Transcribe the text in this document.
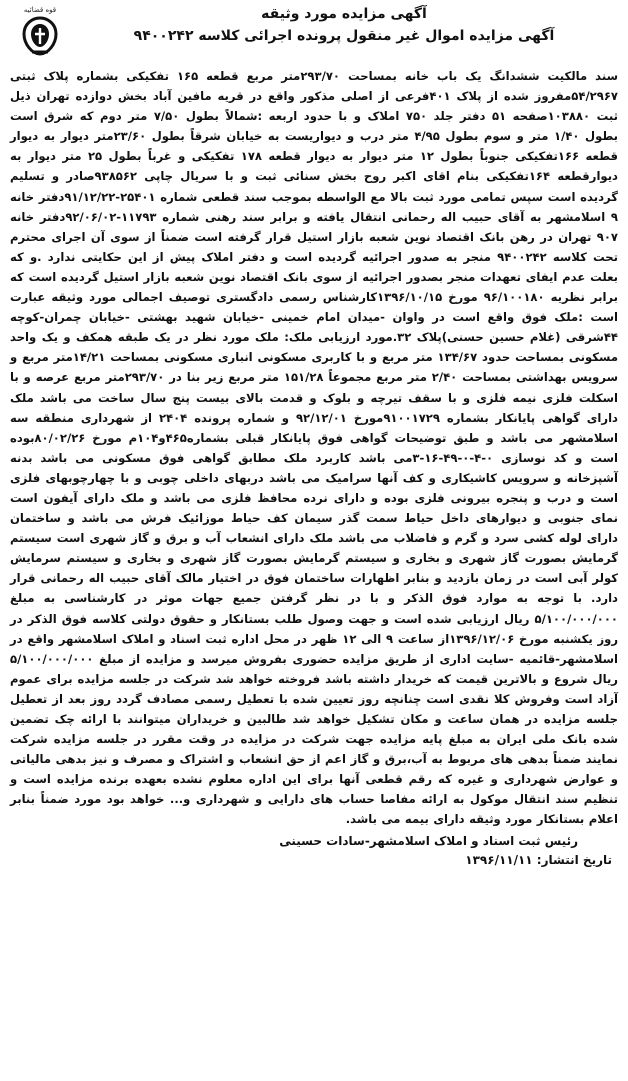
قوه قضائیه	آگهی مزایده مورد وثیقه
آگهی مزایده اموال غیر منقول پرونده اجرائی کلاسه ۹۴۰۰۲۴۲
سند مالکیت ششدانگ یک باب خانه بمساحت ۲۹۳/۷۰متر مربع قطعه ۱۶۵ تفکیکی بشماره پلاک ثبتی ۵۴/۲۹۶۷مفروز شده از پلاک ۴۰۱فرعی از اصلی مذکور واقع در قریه مافین آباد بخش دوازده تهران ذیل ثبت ۱۰۳۸۸۰صفحه ۵۱ دفتر جلد ۷۵۰ املاک و با حدود اربعه :شمالاً بطول ۷/۵۰ متر دوم که شرق است بطول ۱/۴۰ متر و سوم بطول ۴/۹۵ متر درب و دیواریست به خیابان شرقاً بطول ۲۳/۶۰متر دیوار به دیوار قطعه ۱۶۶تفکیکی جنوباً بطول ۱۲ متر دیوار به دیوار قطعه ۱۷۸ تفکیکی و غرباً بطول ۲۵ متر دیوار به دیوارقطعه ۱۶۴تفکیکی بنام اقای اکبر روح بخش سنائی ثبت و با سریال چاپی ۹۳۸۵۶۲صادر و تسلیم گردیده است سپس تمامی مورد ثبت بالا مع الواسطه بموجب سند قطعی شماره ۲۵۴۰۱-۹۱/۱۲/۲۲دفتر خانه ۹ اسلامشهر به آقای حبیب اله رحمانی انتقال یافته و برابر سند رهنی شماره ۱۱۷۹۳-۹۲/۰۶/۰۲دفتر خانه ۹۰۷ تهران در رهن بانک اقتصاد نوین شعبه بازار استیل قرار گرفته است ضمناً از سوی آن اجرای محترم تحت کلاسه ۹۴۰۰۲۴۲ منجر به صدور اجرائیه گردیده است و دفتر املاک پیش از این حکایتی ندارد .و که بعلت عدم ایفای تعهدات منجر بصدور اجرائیه از سوی بانک اقتصاد نوین شعبه بازار استیل گردیده است که برابر نظریه ۹۶/۱۰۰۱۸۰ مورخ ۱۳۹۶/۱۰/۱۵کارشناس رسمی دادگستری توصیف اجمالی مورد وثیقه عبارت است :ملک فوق واقع است در واوان -میدان امام خمینی -خیابان شهید بهشتی -خیابان چمران-کوچه ۴۴شرقی (غلام حسین حسنی)پلاک ۳۲.مورد ارزیابی ملک: ملک مورد نظر در یک طبقه همکف و یک واحد مسکونی بمساحت حدود ۱۳۴/۶۷ متر مربع و با کاربری مسکونی انباری مسکونی بمساحت ۱۴/۲۱متر مربع و سرویس بهداشتی بمساحت ۲/۴۰ متر مربع مجموعاً ۱۵۱/۲۸ متر مربع زیر بنا در ۲۹۳/۷۰متر مربع عرصه و با اسکلت فلزی نیمه فلزی و با سقف تیرچه و بلوک و قدمت بالای بیست پنج سال ساخت می باشد ملک دارای گواهی پایانکار بشماره ۹۱۰۰۱۷۲۹مورخ ۹۲/۱۲/۰۱ و شماره پرونده ۲۴۰۴ از شهرداری منطقه سه اسلامشهر می باشد و طبق توضیحات گواهی فوق پایانکار قبلی بشماره۴۶۵و۱۰۴م مورخ ۸۰/۰۲/۲۶بوده است و کد نوسازی ۰-۴-۰-۴۹-۱۶-۳می باشد کاربرد ملک مطابق گواهی فوق مسکونی می باشد بدنه آشپزخانه و سرویس کاشیکاری و کف آنها سرامیک می باشد دربهای داخلی چوبی و با چهارچوبهای فلزی است و درب و پنجره بیرونی فلزی بوده و دارای نرده محافظ فلزی می باشد و ملک دارای آیفون است نمای جنوبی و دیوارهای داخل حیاط سمت گذر سیمان کف حیاط موزائیک فرش می باشد و ساختمان دارای لوله کشی سرد و گرم و فاضلاب می باشد ملک دارای انشعاب آب و برق و گاز شهری است سیستم گرمایش بصورت گاز شهری و بخاری و سیستم گرمایش بصورت گاز شهری و بخاری و سیستم سرمایش کولر آبی است در زمان بازدید و بنابر اظهارات ساختمان فوق در اختیار مالک آقای حبیب اله رحمانی قرار دارد. با توجه به موارد فوق الذکر و با در نظر گرفتن جمیع جهات موثر در کارشناسی به مبلغ ۵/۱۰۰/۰۰۰/۰۰۰ ریال ارزیابی شده است و جهت وصول طلب بستانکار و حقوق دولتی کلاسه فوق الذکر در روز یکشنبه مورخ ۱۳۹۶/۱۲/۰۶از ساعت ۹ الی ۱۲ ظهر در محل اداره ثبت اسناد و املاک اسلامشهر واقع در اسلامشهر-قائمیه -سایت اداری از طریق مزایده حضوری بفروش میرسد و مزایده از مبلغ ۵/۱۰۰/۰۰۰/۰۰۰ ریال شروع و بالاترین قیمت که خریدار داشته باشد فروخته خواهد شد شرکت در جلسه مزایده برای عموم آزاد است وفروش کلا نقدی است چنانچه روز تعیین شده با تعطیل رسمی مصادف گردد روز بعد از تعطیل جلسه مزایده در همان ساعت و مکان تشکیل خواهد شد طالبین و خریداران میتوانند با ارائه چک تضمین شده بانک ملی ایران به مبلغ پایه مزایده جهت شرکت در مزایده در وقت مقرر در جلسه مزایده شرکت نمایند ضمناً بدهی های مربوط به آب،برق و گاز اعم از حق انشعاب و اشتراک و مصرف و نیز بدهی مالیاتی و عوارض شهرداری و غیره که رقم قطعی آنها برای این اداره معلوم نشده بعهده برنده مزایده است و تنظیم سند انتقال موکول به ارائه مفاصا حساب های دارایی و شهرداری و... خواهد بود مورد ضمناً بنابر اعلام بستانکار مورد وثیقه دارای بیمه می باشد.
رئیس ثبت اسناد و املاک اسلامشهر-سادات حسینی
تاریخ انتشار: ۱۳۹۶/۱۱/۱۱
